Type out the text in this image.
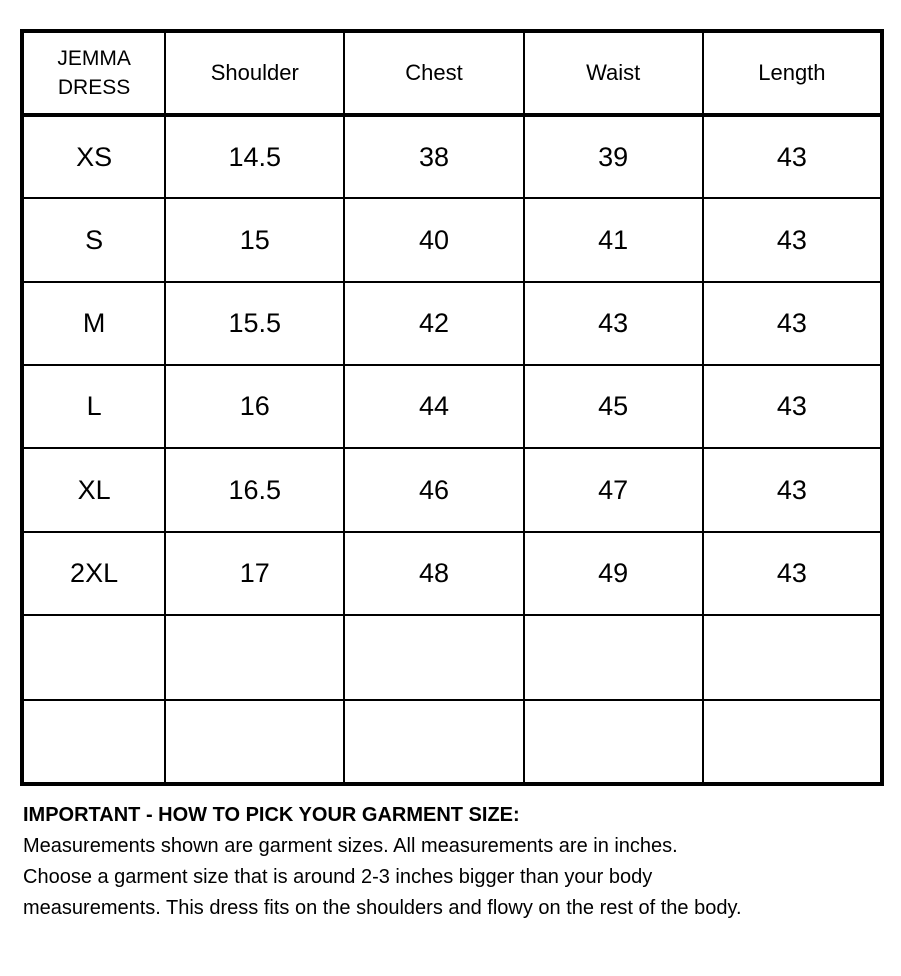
JEMMA
DRESS	Shoulder	Chest	Waist	Length
XS	14.5	38	39	43
S	15	40	41	43
M	15.5	42	43	43
L	16	44	45	43
XL	16.5	46	47	43
2XL	17	48	49	43

IMPORTANT - HOW TO PICK YOUR GARMENT SIZE:
Measurements shown are garment sizes. All measurements are in inches.
Choose a garment size that is around 2-3 inches bigger than your body
measurements. This dress fits on the shoulders and flowy on the rest of the body.
